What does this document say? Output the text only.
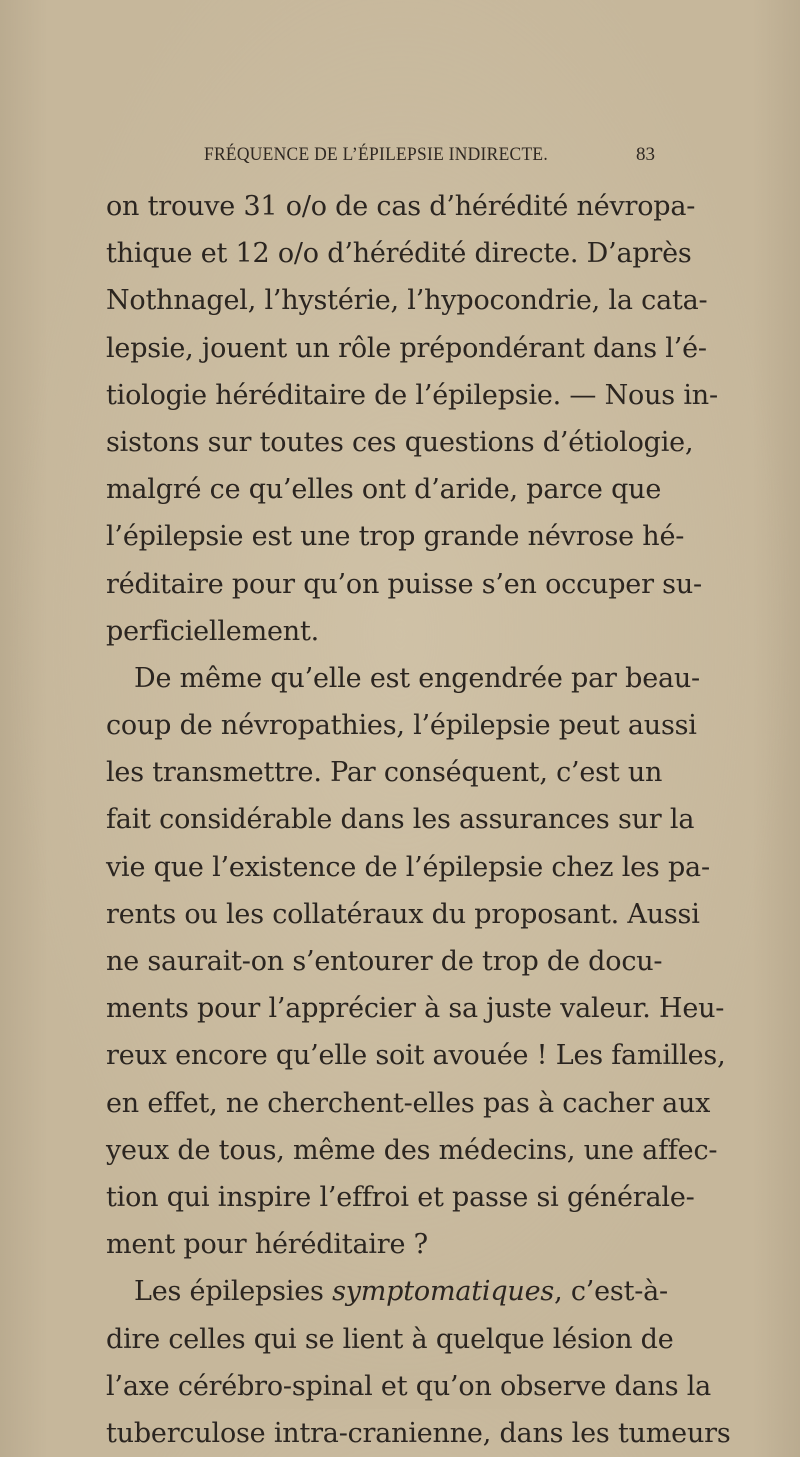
FRÉQUENCE DE L’ÉPILEPSIE INDIRECTE.	83
on trouve 31 o/o de cas d’hérédité névropa-
thique et 12 o/o d’hérédité directe. D’après
Nothnagel, l’hystérie, l’hypocondrie, la cata-
lepsie, jouent un rôle prépondérant dans l’é-
tiologie héréditaire de l’épilepsie. — Nous in-
sistons sur toutes ces questions d’étiologie,
malgré ce qu’elles ont d’aride, parce que
l’épilepsie est une trop grande névrose hé-
réditaire pour qu’on puisse s’en occuper su-
perficiellement.
De même qu’elle est engendrée par beau-
coup de névropathies, l’épilepsie peut aussi
les transmettre. Par conséquent, c’est un
fait considérable dans les assurances sur la
vie que l’existence de l’épilepsie chez les pa-
rents ou les collatéraux du proposant. Aussi
ne saurait-on s’entourer de trop de docu-
ments pour l’apprécier à sa juste valeur. Heu-
reux encore qu’elle soit avouée ! Les familles,
en effet, ne cherchent-elles pas à cacher aux
yeux de tous, même des médecins, une affec-
tion qui inspire l’effroi et passe si générale-
ment pour héréditaire ?
Les épilepsies symptomatiques, c’est-à-
dire celles qui se lient à quelque lésion de
l’axe cérébro-spinal et qu’on observe dans la
tuberculose intra-cranienne, dans les tumeurs
